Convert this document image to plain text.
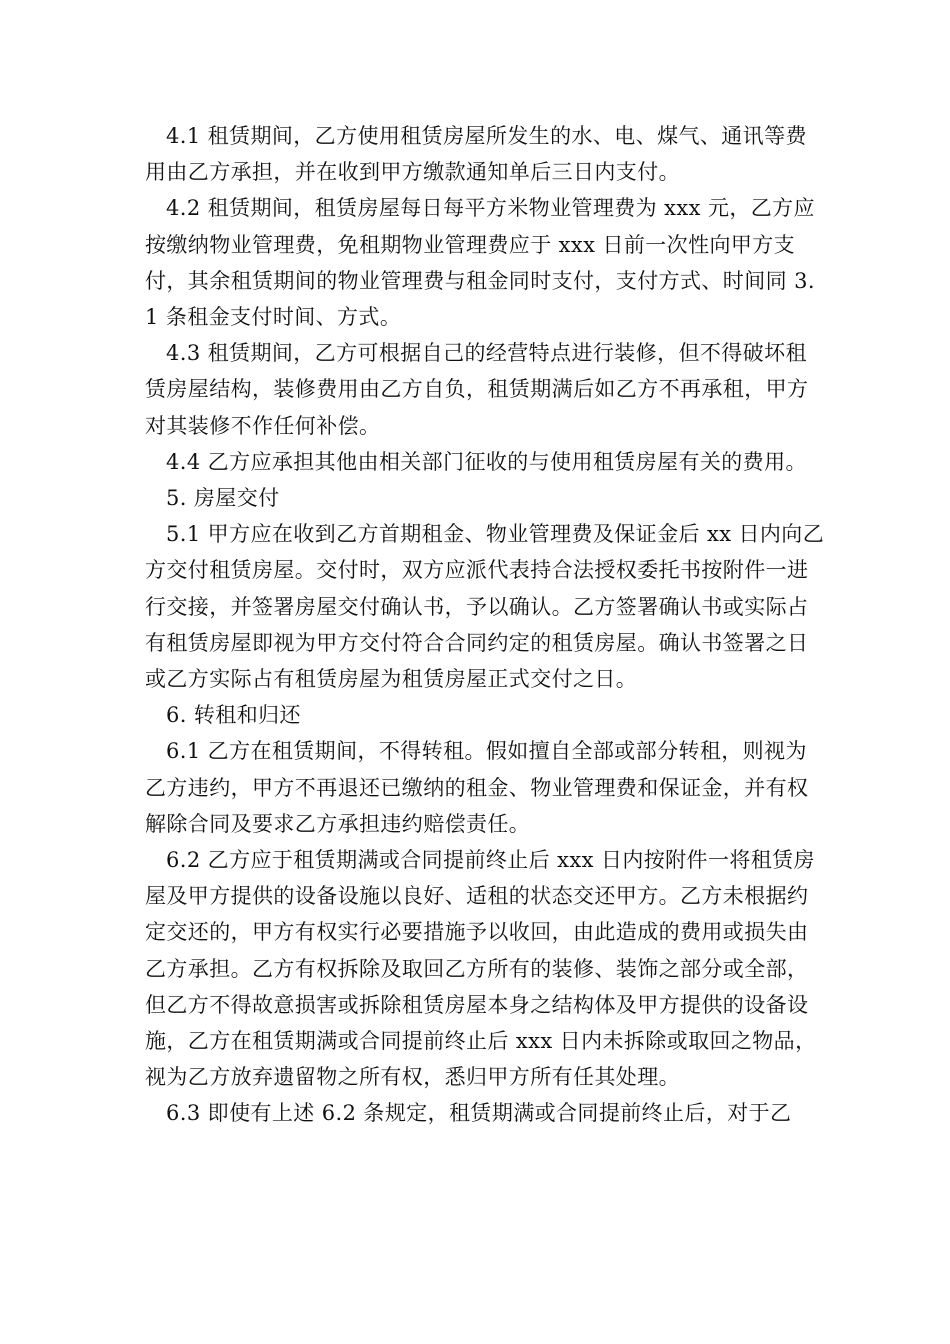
4.1 租赁期间，乙方使用租赁房屋所发生的水、电、煤气、通讯等费用由乙方承担，并在收到甲方缴款通知单后三日内支付。

4.2 租赁期间，租赁房屋每日每平方米物业管理费为 xxx 元，乙方应按缴纳物业管理费，免租期物业管理费应于 xxx 日前一次性向甲方支付，其余租赁期间的物业管理费与租金同时支付，支付方式、时间同 3.1 条租金支付时间、方式。

4.3 租赁期间，乙方可根据自己的经营特点进行装修，但不得破坏租赁房屋结构，装修费用由乙方自负，租赁期满后如乙方不再承租，甲方对其装修不作任何补偿。

4.4 乙方应承担其他由相关部门征收的与使用租赁房屋有关的费用。

5. 房屋交付

5.1 甲方应在收到乙方首期租金、物业管理费及保证金后 xx 日内向乙方交付租赁房屋。交付时，双方应派代表持合法授权委托书按附件一进行交接，并签署房屋交付确认书，予以确认。乙方签署确认书或实际占有租赁房屋即视为甲方交付符合合同约定的租赁房屋。确认书签署之日或乙方实际占有租赁房屋为租赁房屋正式交付之日。

6. 转租和归还

6.1 乙方在租赁期间，不得转租。假如擅自全部或部分转租，则视为乙方违约，甲方不再退还已缴纳的租金、物业管理费和保证金，并有权解除合同及要求乙方承担违约赔偿责任。

6.2 乙方应于租赁期满或合同提前终止后 xxx 日内按附件一将租赁房屋及甲方提供的设备设施以良好、适租的状态交还甲方。乙方未根据约定交还的，甲方有权实行必要措施予以收回，由此造成的费用或损失由乙方承担。乙方有权拆除及取回乙方所有的装修、装饰之部分或全部，但乙方不得故意损害或拆除租赁房屋本身之结构体及甲方提供的设备设施，乙方在租赁期满或合同提前终止后 xxx 日内未拆除或取回之物品，视为乙方放弃遗留物之所有权，悉归甲方所有任其处理。

6.3 即使有上述 6.2 条规定，租赁期满或合同提前终止后，对于乙
